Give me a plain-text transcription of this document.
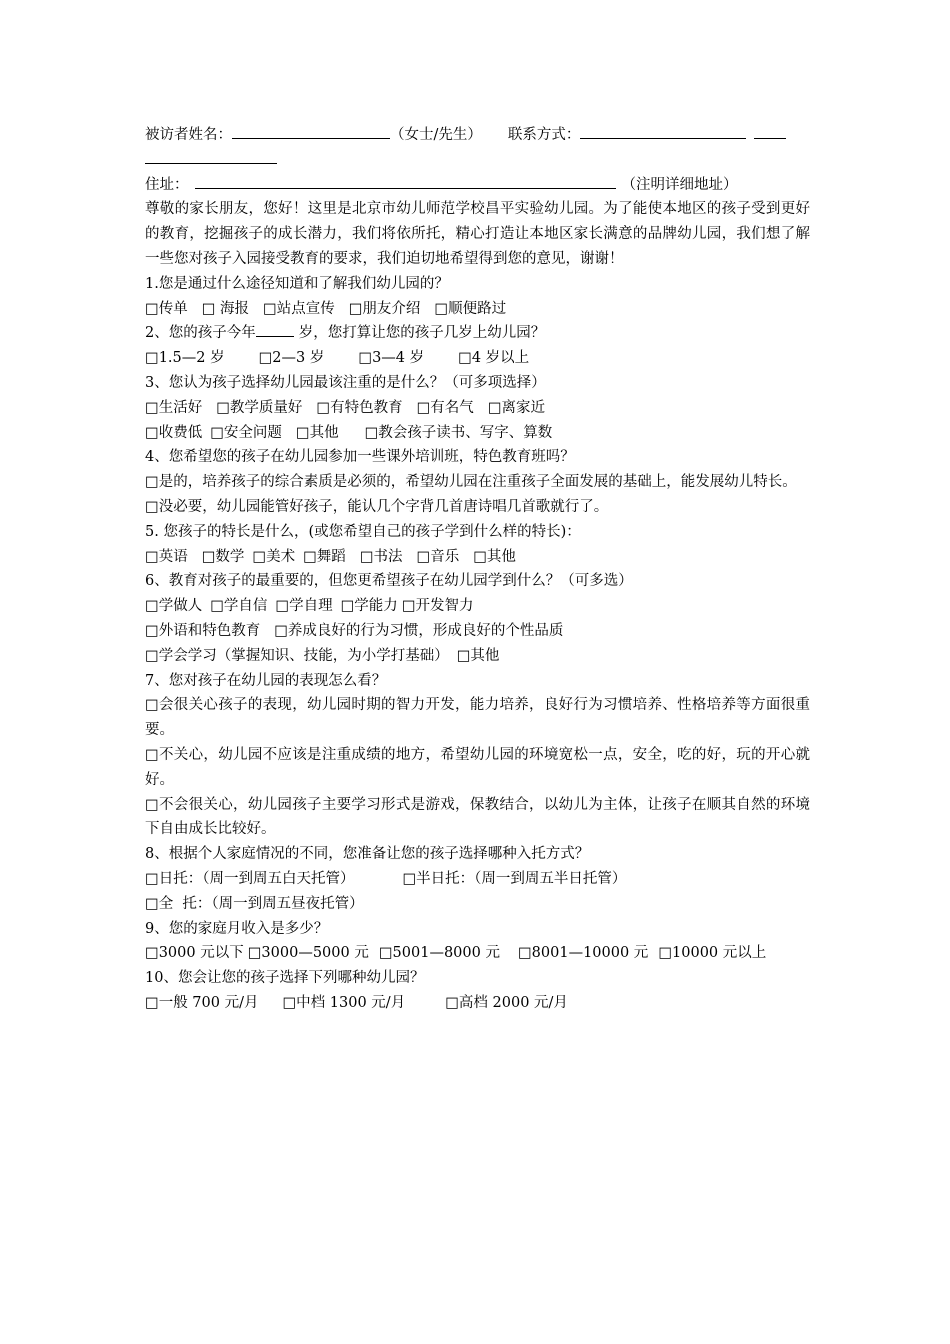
被访者姓名：	（女士/先生） 联系方式：
住址：	（注明详细地址）
尊敬的家长朋友，您好！这里是北京市幼儿师范学校昌平实验幼儿园。为了能使本地区的孩子受到更好的教育，挖掘孩子的成长潜力，我们将依所托，精心打造让本地区家长满意的品牌幼儿园，我们想了解一些您对孩子入园接受教育的要求，我们迫切地希望得到您的意见，谢谢！
1.您是通过什么途径知道和了解我们幼儿园的？
□传单 □ 海报 □站点宣传 □朋友介绍 □顺便路过
2、您的孩子今年	岁，您打算让您的孩子几岁上幼儿园？
□1.5—2 岁 □2—3 岁 □3—4 岁 □4 岁以上
3、您认为孩子选择幼儿园最该注重的是什么？（可多项选择）
□生活好 □教学质量好 □有特色教育 □有名气 □离家近
□收费低 □安全问题 □其他 □教会孩子读书、写字、算数
4、您希望您的孩子在幼儿园参加一些课外培训班，特色教育班吗？
□是的，培养孩子的综合素质是必须的，希望幼儿园在注重孩子全面发展的基础上，能发展幼儿特长。
□没必要，幼儿园能管好孩子，能认几个字背几首唐诗唱几首歌就行了。
5. 您孩子的特长是什么，(或您希望自己的孩子学到什么样的特长)：
□英语 □数学 □美术 □舞蹈 □书法 □音乐 □其他
6、教育对孩子的最重要的，但您更希望孩子在幼儿园学到什么？（可多选）
□学做人 □学自信 □学自理 □学能力 □开发智力
□外语和特色教育 □养成良好的行为习惯，形成良好的个性品质
□学会学习（掌握知识、技能，为小学打基础） □其他
7、您对孩子在幼儿园的表现怎么看？
□会很关心孩子的表现，幼儿园时期的智力开发，能力培养，良好行为习惯培养、性格培养等方面很重要。
□不关心，幼儿园不应该是注重成绩的地方，希望幼儿园的环境宽松一点，安全，吃的好，玩的开心就好。
□不会很关心，幼儿园孩子主要学习形式是游戏，保教结合，以幼儿为主体，让孩子在顺其自然的环境下自由成长比较好。
8、根据个人家庭情况的不同，您准备让您的孩子选择哪种入托方式？
□日托：（周一到周五白天托管）	□半日托：（周一到周五半日托管）
□全  托：（周一到周五昼夜托管）
9、您的家庭月收入是多少？
□3000 元以下 □3000—5000 元 □5001—8000 元 □8001—10000 元 □10000 元以上
10、您会让您的孩子选择下列哪种幼儿园？
□一般 700 元/月 □中档 1300 元/月	□高档 2000 元/月
